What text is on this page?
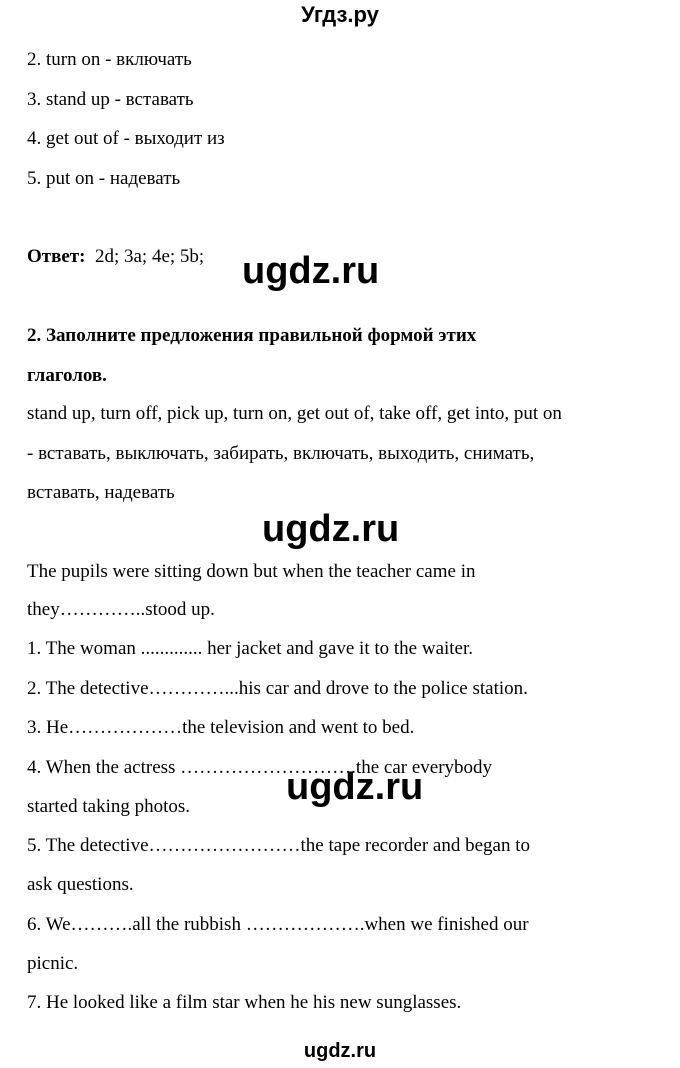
Угдз.ру
2. turn on - включать
3. stand up - вставать
4. get out of - выходит из
5. put on - надевать
Ответ: 2d; 3a; 4e; 5b; ugdz.ru
2. Заполните предложения правильной формой этих
глаголов.
stand up, turn off, pick up, turn on, get out of, take off, get into, put on
- вставать, выключать, забирать, включать, выходить, снимать,
вставать, надевать
ugdz.ru
The pupils were sitting down but when the teacher came in
they…………..stood up.
1. The woman ............. her jacket and gave it to the waiter.
2. The detective…………...his car and drove to the police station.
3. He………………the television and went to bed.
4. When the actress ……………………….the car everybody
started taking photos.	ugdz.ru
5. The detective……………………the tape recorder and began to
ask questions.
6. We……….all the rubbish ……………….when we finished our
picnic.
7. He looked like a film star when he his new sunglasses.
ugdz.ru
